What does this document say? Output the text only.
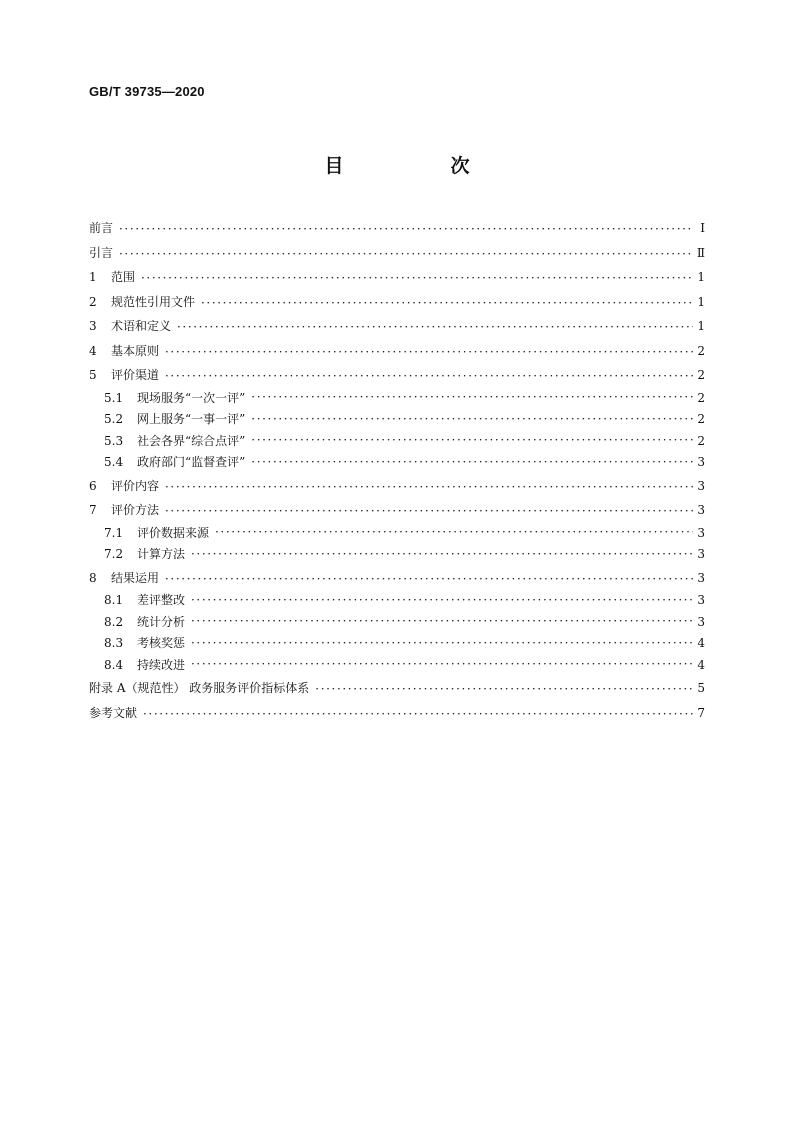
GB/T 39735—2020
目　次
前言 ·····	Ⅰ
引言 ·····	Ⅱ
1	范围 ·····	1
2	规范性引用文件 ·····	1
3	术语和定义 ·····	1
4	基本原则 ·····	2
5	评价渠道 ·····	2
5.1	现场服务“一次一评” ·····	2
5.2	网上服务“一事一评” ·····	2
5.3	社会各界“综合点评” ·····	2
5.4	政府部门“监督查评” ·····	3
6	评价内容 ·····	3
7	评价方法 ·····	3
7.1	评价数据来源 ·····	3
7.2	计算方法 ·····	3
8	结果运用 ·····	3
8.1	差评整改 ·····	3
8.2	统计分析 ·····	3
8.3	考核奖惩 ·····	4
8.4	持续改进 ·····	4
附录 A（规范性） 政务服务评价指标体系 ·····	5
参考文献 ·····	7
